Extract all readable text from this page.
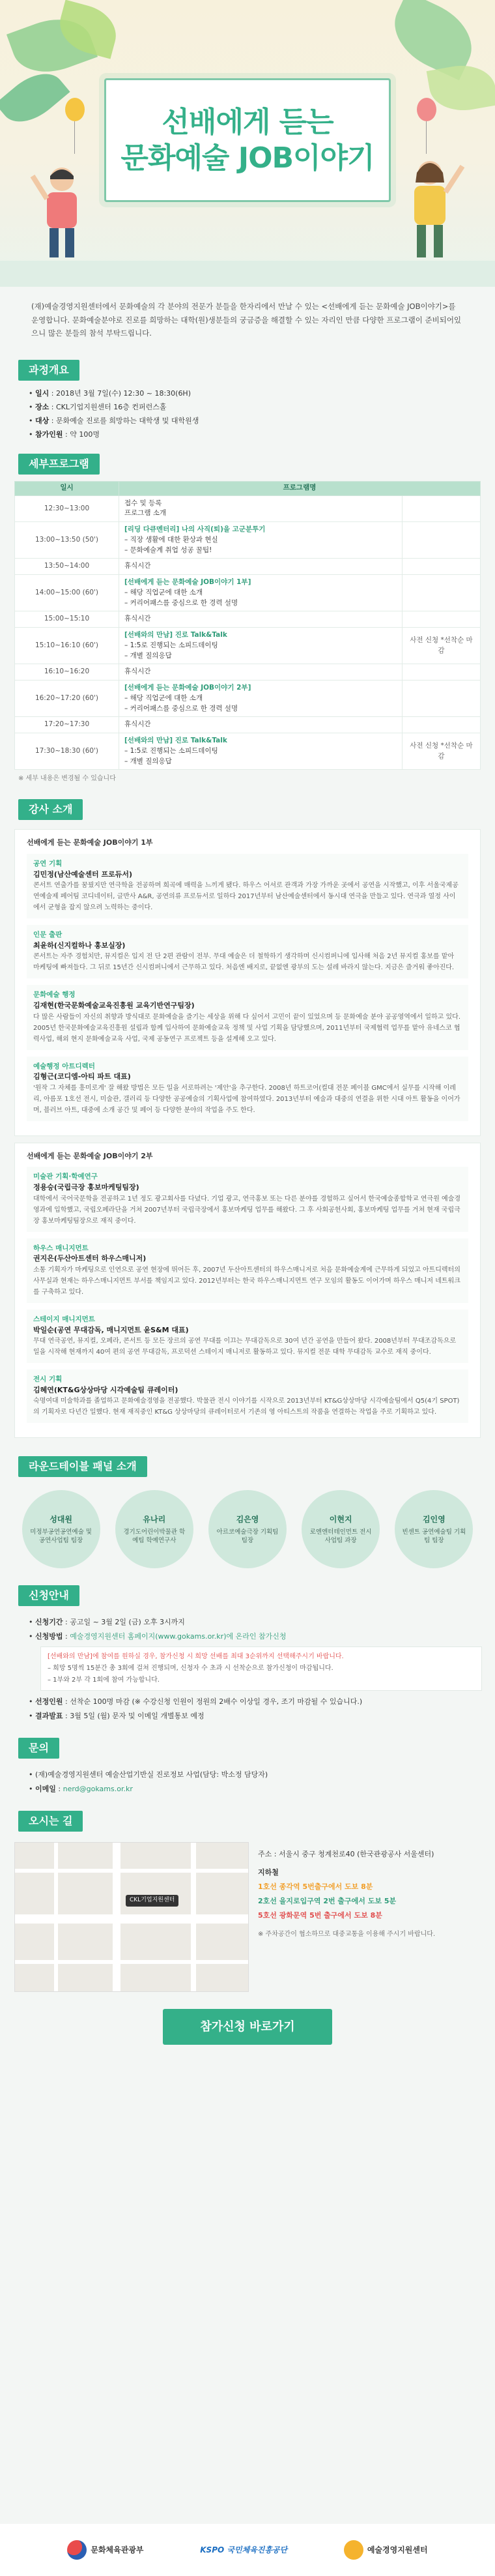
선배에게 듣는
문화예술 JOB이야기

(재)예술경영지원센터에서 문화예술의 각 분야의 전문가 분들을 한자리에서 만날 수 있는 <선배에게 듣는 문화예술 JOB이야기>를 운영합니다. 문화예술분야로 진로를 희망하는 대학(원)생분들의 궁금증을 해결할 수 있는 자리인 만큼 다양한 프로그램이 준비되어있으니 많은 분들의 참석 부탁드립니다.

과정개요
• 일시 : 2018년 3월 7일(수) 12:30 ~ 18:30(6H)
• 장소 : CKL기업지원센터 16층 컨퍼런스홀
• 대상 : 문화예술 진로를 희망하는 대학생 및 대학원생
• 참가인원 : 약 100명
세부프로그램
일시	프로그램명	
12:30~13:00	접수 및 등록
프로그램 소개	

13:00~13:50 (50')	[리딩 다큐멘터리] 나의 사직(퇴)을 고군분투기
– 직장 생활에 대한 환상과 현실
– 문화예술계 취업 성공 꿀팁!	

13:50~14:00	휴식시간	

14:00~15:00 (60')	[선배에게 듣는 문화예술 JOB이야기 1부]
– 해당 직업군에 대한 소개
– 커리어패스를 중심으로 한 경력 설명	

15:00~15:10	휴식시간	

15:10~16:10 (60')	[선배와의 만남] 진로 Talk&Talk
– 1:5로 진행되는 소피드데이팅
– 개별 질의응답	사전 신청 *선착순 마감
16:10~16:20	휴식시간	

16:20~17:20 (60')	[선배에게 듣는 문화예술 JOB이야기 2부]
– 해당 직업군에 대한 소개
– 커리어패스를 중심으로 한 경력 설명	

17:20~17:30	휴식시간	

17:30~18:30 (60')	[선배와의 만남] 진로 Talk&Talk
– 1:5로 진행되는 소피드데이팅
– 개별 질의응답	사전 신청 *선착순 마감
※ 세부 내용은 변경될 수 있습니다
강사 소개
선배에게 듣는 문화예술 JOB이야기 1부
공연 기획
김민정(남산예술센터 프로듀서)
콘서트 연출가를 꿈꿨지만 연극학을 전공하며 희곡에 매력을 느끼게 됐다. 하우스 어셔로 관객과 가장 가까운 곳에서 공연을 시작했고, 이후 서울국제공연예술제 페어팀 코디네이터, 글반사 A&R, 공연의류 프로듀서로 일하다 2017년부터 남산예술센터에서 동시대 연극을 만들고 있다. 연극과 열정 사이에서 균형을 잡지 않으려 노력하는 중이다.
인문 출판
최윤하(신지컬하나 홍보실장)
콘서트는 자주 경험치만, 뮤지컬은 입지 전 단 2편 관람이 전부. 무대 예술은 더 철학하기 생각하며 신시컴퍼니에 입사해 처음 2년 뮤지컬 홍보를 맡아 마케팅에 빠져들다. 그 뒤로 15년간 신시컴퍼니에서 근무하고 있다. 처음엔 배지로, 끝없엔 광부의 도는 설레 바라지 않는다. 지금은 즐거워 좋아진다.
문화예술 행정
김재현(한국문화예술교육진흥원 교육기반연구팀장)
다 많은 사람들이 자신의 취향과 방식대로 문화예술을 즐기는 세상을 위해 다 싶어서 고민이 끝이 있었으며 등 문화예술 분야 공공영역에서 일하고 있다. 2005년 한국문화예술교육진흥원 설립과 함께 입사하여 문화예술교육 정책 및 사업 기획을 담당했으며, 2011년부터 국제협력 업무를 맡아 유네스코 협력사업, 해외 현지 문화예술교육 사업, 국제 공동연구 프로젝트 등을 설계해 오고 있다.
예술행정 아트디렉터
김형근(코디엠-아티 파트 대표)
'원작 그 자체를 흥미로게' 잘 해왔 방법은 모든 일을 서로하려는 '제안'을 추구한다. 2008년 하트코어(컬대 전문 페이블 GMC에서 실무를 시작해 이레 리, 아름포 1호선 전시, 미술관, 갤러리 등 다양한 공공예술의 기획사업에 참여하였다. 2013년부터 예술과 대중의 연결을 위한 시대 아트 활동을 이어가며, 블러브 아트, 대중에 소개 공간 및 페어 등 다양한 분야의 작업을 주도 한다.
선배에게 듣는 문화예술 JOB이야기 2부
미술관 기획·학예연구
정용승(국립극장 홍보마케팅팀장)
대학에서 국어국문학을 전공하고 1년 정도 광고회사를 다녔다. 기업 광고, 연극홍보 또는 다른 분야를 경험하고 싶어서 한국예술종합학교 연극원 예술경영과에 입학했고, 국립오페라단을 거쳐 2007년부터 국립극장에서 홍보마케팅 업무를 해왔다. 그 후 사회공헌사회, 홍보마케팅 업무를 거쳐 현재 국립극장 홍보마케팅팀장으로 재직 중이다.
하우스 매니지먼트
권지은(두산아트센터 하우스매니저)
소통 기획자가 마케팅으로 인연으로 공연 현장에 뛰어든 후, 2007년 두산아트센터의 하우스매니저로 처음 문화예술계에 근무하게 되었고 아트디렉터의 사무실과 현재는 하우스매니지먼트 부서를 책임지고 있다. 2012년부터는 한국 하우스매니지먼트 연구 모임의 활동도 이어가며 하우스 매니저 네트워크를 구축하고 있다.
스테이지 매니지먼트
박일순(공연 무대감독, 매니지먼트 윤S&M 대표)
무대 연극공연, 뮤지컬, 오페라, 콘서트 등 모든 장르의 공연 무대를 이끄는 무대감독으로 30여 년간 공연을 만들어 왔다. 2008년부터 무대조감독으로 일을 시작해 현재까지 40여 편의 공연 무대감독, 프로덕션 스테이지 매니저로 활동하고 있다. 뮤지컬 전문 대학 무대감독 교수로 재직 중이다.
전시 기획
김혜연(KT&G상상마당 시각예술팀 큐레이터)
숙명여대 미술학과를 졸업하고 문화예술경영을 전공했다. 박물관 전시 이야기를 시작으로 2013년부터 KT&G상상마당 시각예술팀에서 Q5(4기 SPOT)의 기획자로 다년간 일했다. 현재 재직중인 KT&G 상상마당의 큐레이터로서 기존의 영 아티스트의 작품을 연결하는 작업을 주로 기획하고 있다.
라운드테이블 패널 소개
성대원
미정부공연공연예술 및 공연사업팀 팀장
유나리
경기도어린이박물관 학예팀 학예연구사
김은영
아르코예술극장 기획팀 팀장
이현지
로엔엔터테인먼트 전시사업팀 과장
김인영
빈센트 공연예술팀 기획팀 팀장
신청안내
• 신청기간 : 공고일 ~ 3월 2일 (금) 오후 3시까지
• 신청방법 : 예술경영지원센터 홈페이지(www.gokams.or.kr)에 온라인 참가신청
[선배와의 만남]에 참여를 원하실 경우, 참가신청 시 희망 선배를 최대 3순위까지 선택해주시기 바랍니다.
– 희망 5명씩 15분간 총 3회에 걸쳐 진행되며, 신청자 수 초과 시 선착순으로 참가신청이 마감됩니다.
– 1부와 2부 각 1회에 참여 가능합니다.
• 선정인원 : 선착순 100명 마감 (※ 수강신청 인원이 정원의 2배수 이상일 경우, 조기 마감될 수 있습니다.)
• 결과발표 : 3월 5일 (월) 문자 및 이메일 개별통보 예정
문의
• (재)예술경영지원센터 예술산업기반실 진로정보 사업(담당: 박소정 담당자)
• 이메일 : nerd@gokams.or.kr
오시는 길
CKL기업지원센터
주소 : 서울시 중구 청계천로40 (한국관광공사 서울센터)
지하철
1호선 종각역 5번출구에서 도보 8분
2호선 을지로입구역 2번 출구에서 도보 5분
5호선 광화문역 5번 출구에서 도보 8분
※ 주차공간이 협소하므로 대중교통을 이용해 주시기 바랍니다.
참가신청 바로가기
문화체육관광부	KSPO 국민체육진흥공단	예술경영지원센터
